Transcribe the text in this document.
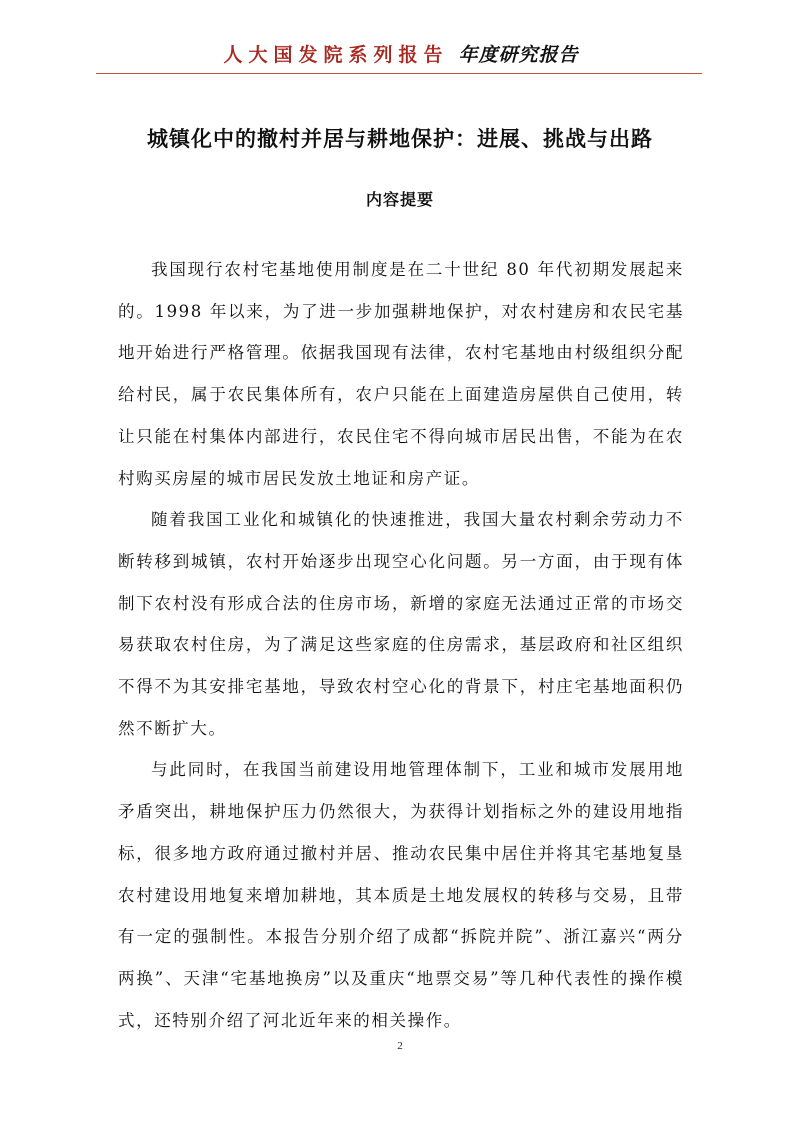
人大国发院系列报告 年度研究报告
城镇化中的撤村并居与耕地保护：进展、挑战与出路
内容提要

我国现行农村宅基地使用制度是在二十世纪 80 年代初期发展起来的。1998 年以来，为了进一步加强耕地保护，对农村建房和农民宅基地开始进行严格管理。依据我国现有法律，农村宅基地由村级组织分配给村民，属于农民集体所有，农户只能在上面建造房屋供自己使用，转让只能在村集体内部进行，农民住宅不得向城市居民出售，不能为在农村购买房屋的城市居民发放土地证和房产证。

随着我国工业化和城镇化的快速推进，我国大量农村剩余劳动力不断转移到城镇，农村开始逐步出现空心化问题。另一方面，由于现有体制下农村没有形成合法的住房市场，新增的家庭无法通过正常的市场交易获取农村住房，为了满足这些家庭的住房需求，基层政府和社区组织不得不为其安排宅基地，导致农村空心化的背景下，村庄宅基地面积仍然不断扩大。

与此同时，在我国当前建设用地管理体制下，工业和城市发展用地矛盾突出，耕地保护压力仍然很大，为获得计划指标之外的建设用地指标，很多地方政府通过撤村并居、推动农民集中居住并将其宅基地复垦农村建设用地复来增加耕地，其本质是土地发展权的转移与交易，且带有一定的强制性。本报告分别介绍了成都“拆院并院”、浙江嘉兴“两分两换”、天津“宅基地换房”以及重庆“地票交易”等几种代表性的操作模式，还特别介绍了河北近年来的相关操作。

2
